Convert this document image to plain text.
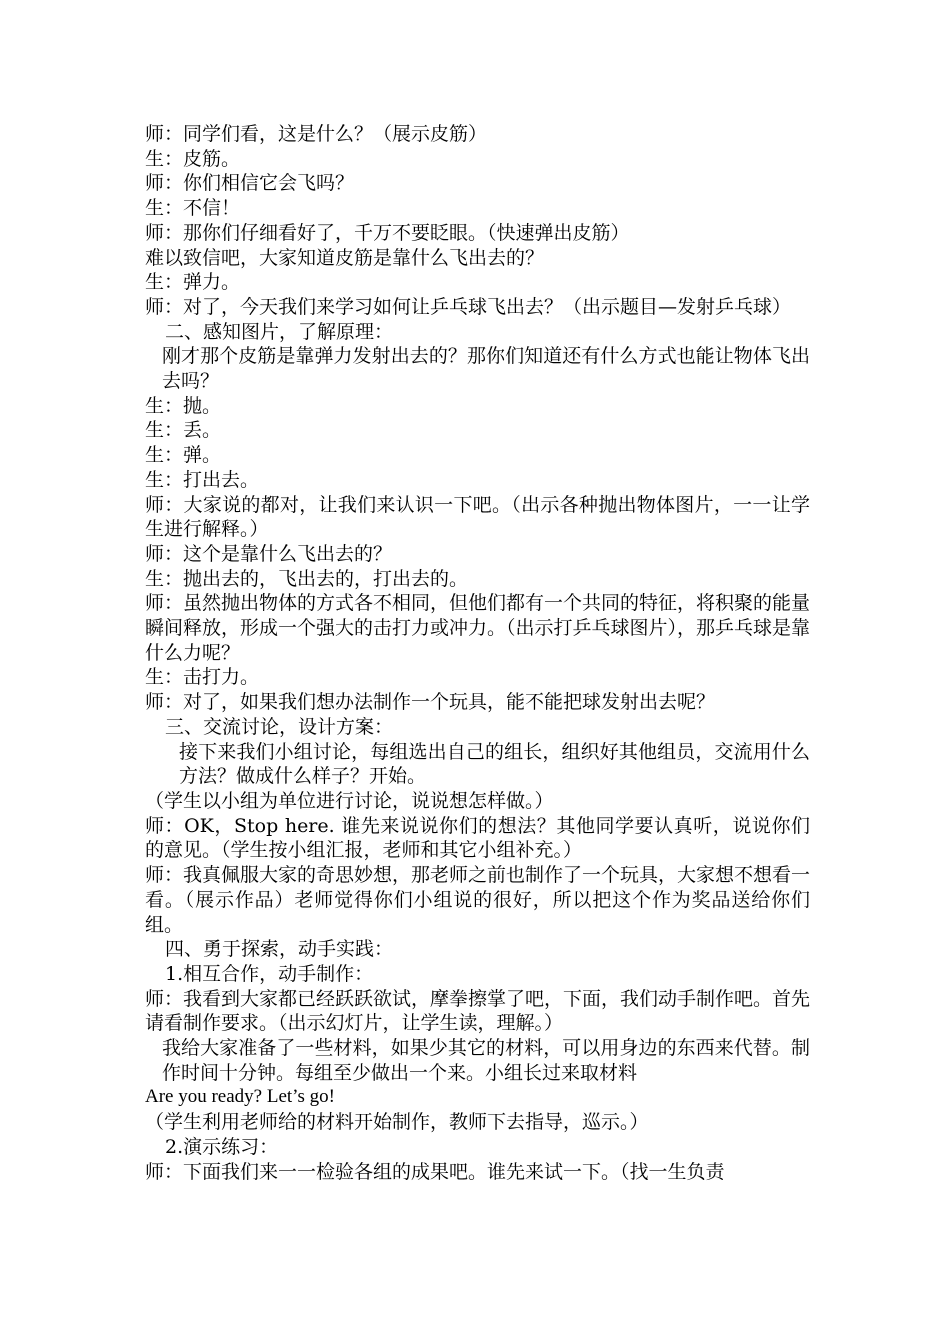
师：同学们看，这是什么？（展示皮筋）
生：皮筋。
师：你们相信它会飞吗？
生：不信！
师：那你们仔细看好了，千万不要眨眼。（快速弹出皮筋）
难以致信吧，大家知道皮筋是靠什么飞出去的？
生：弹力。
师：对了，今天我们来学习如何让乒乓球飞出去？（出示题目—发射乒乓球）
二、感知图片，了解原理：
刚才那个皮筋是靠弹力发射出去的？那你们知道还有什么方式也能让物体飞出去吗？
生：抛。
生：丢。
生：弹。
生：打出去。
师：大家说的都对，让我们来认识一下吧。（出示各种抛出物体图片，一一让学生进行解释。）
师：这个是靠什么飞出去的？
生：抛出去的，飞出去的，打出去的。
师：虽然抛出物体的方式各不相同，但他们都有一个共同的特征，将积聚的能量瞬间释放，形成一个强大的击打力或冲力。（出示打乒乓球图片），那乒乓球是靠什么力呢？
生：击打力。
师：对了，如果我们想办法制作一个玩具，能不能把球发射出去呢？
三、交流讨论，设计方案：
接下来我们小组讨论，每组选出自己的组长，组织好其他组员，交流用什么方法？做成什么样子？开始。
（学生以小组为单位进行讨论，说说想怎样做。）
师：OK，Stop here. 谁先来说说你们的想法？其他同学要认真听，说说你们的意见。（学生按小组汇报，老师和其它小组补充。）
师：我真佩服大家的奇思妙想，那老师之前也制作了一个玩具，大家想不想看一看。（展示作品）老师觉得你们小组说的很好，所以把这个作为奖品送给你们组。
四、勇于探索，动手实践：
1.相互合作，动手制作：
师：我看到大家都已经跃跃欲试，摩拳擦掌了吧，下面，我们动手制作吧。首先请看制作要求。（出示幻灯片，让学生读，理解。）
我给大家准备了一些材料，如果少其它的材料，可以用身边的东西来代替。制作时间十分钟。每组至少做出一个来。小组长过来取材料
Are you ready? Let’s go!
（学生利用老师给的材料开始制作，教师下去指导，巡示。）
2.演示练习：
师：下面我们来一一检验各组的成果吧。谁先来试一下。（找一生负责
